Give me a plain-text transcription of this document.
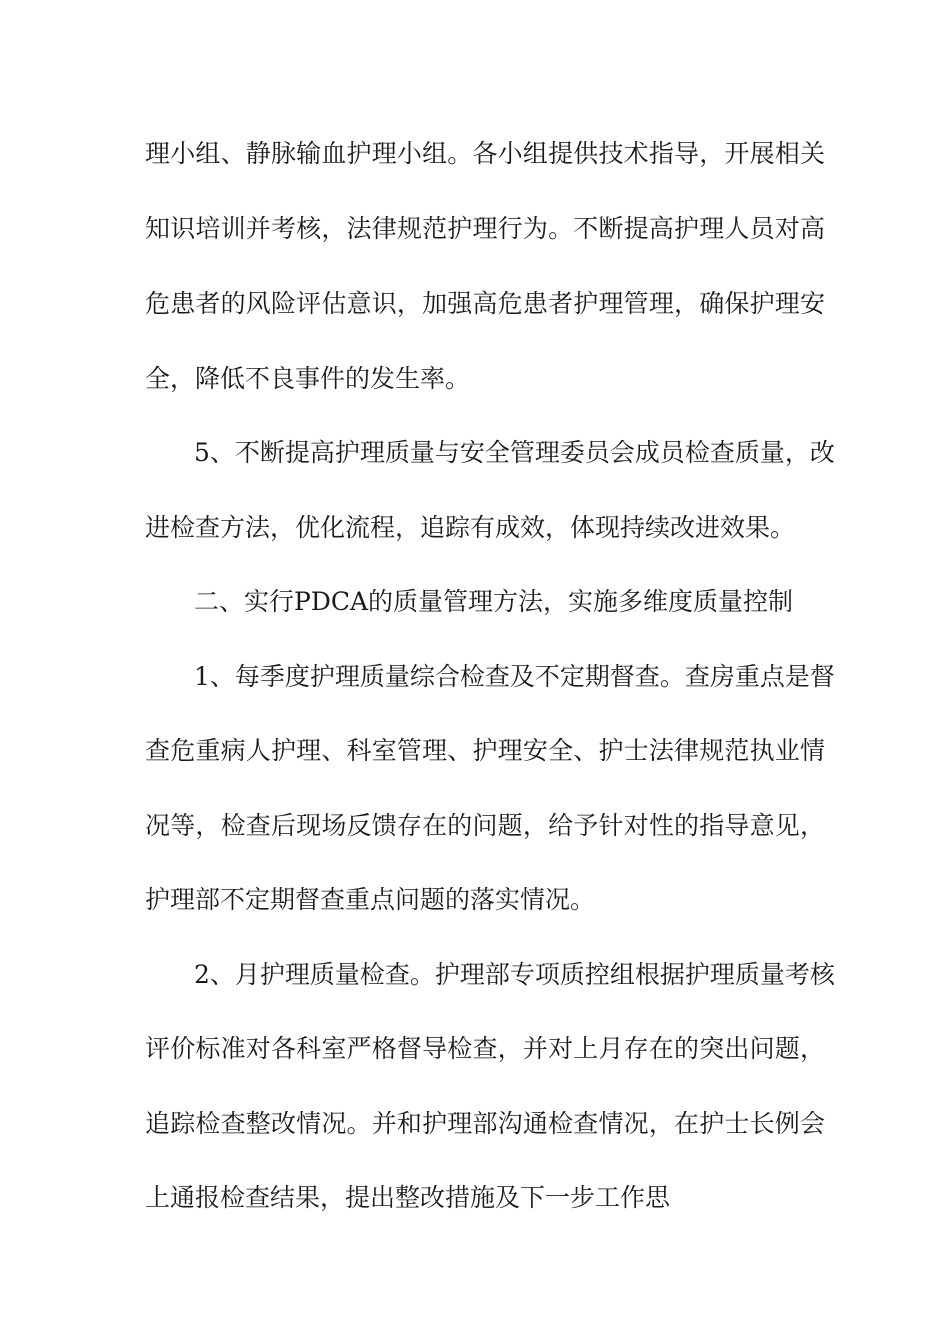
理小组、静脉输血护理小组。各小组提供技术指导，开展相关
知识培训并考核，法律规范护理行为。不断提高护理人员对高
危患者的风险评估意识，加强高危患者护理管理，确保护理安
全，降低不良事件的发生率。
5、不断提高护理质量与安全管理委员会成员检查质量，改
进检查方法，优化流程，追踪有成效，体现持续改进效果。
二、实行PDCA的质量管理方法，实施多维度质量控制
1、每季度护理质量综合检查及不定期督查。查房重点是督
查危重病人护理、科室管理、护理安全、护士法律规范执业情
况等，检查后现场反馈存在的问题，给予针对性的指导意见，
护理部不定期督查重点问题的落实情况。
2、月护理质量检查。护理部专项质控组根据护理质量考核
评价标准对各科室严格督导检查，并对上月存在的突出问题，
追踪检查整改情况。并和护理部沟通检查情况，在护士长例会
上通报检查结果，提出整改措施及下一步工作思
